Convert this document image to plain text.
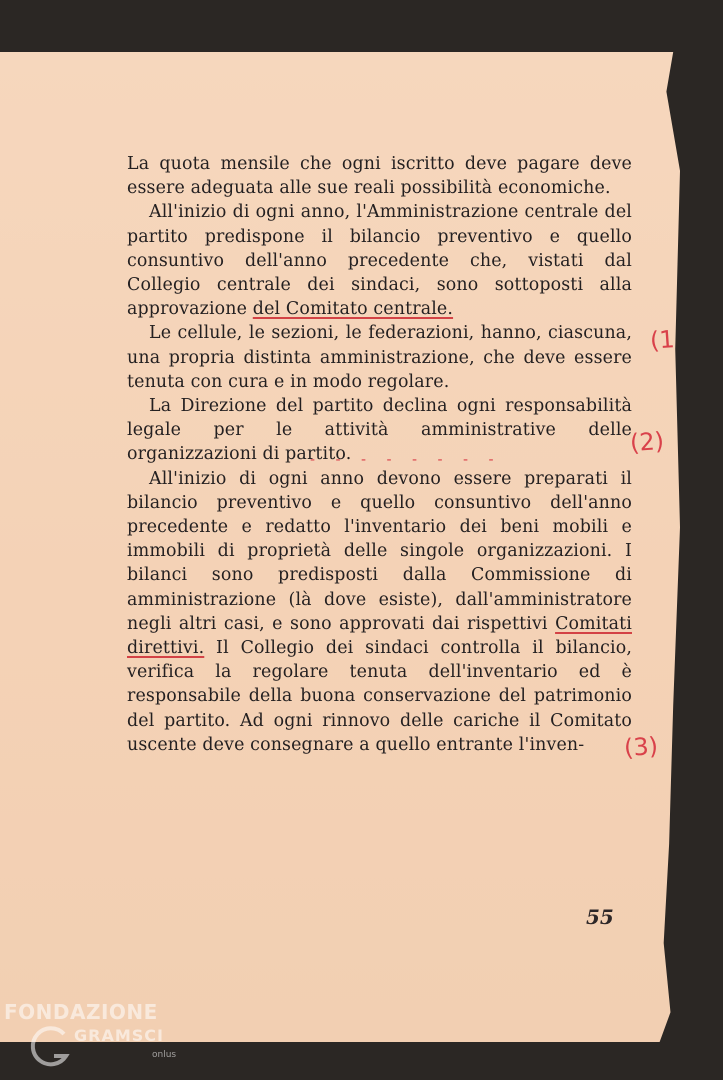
La quota mensile che ogni iscritto deve pagare deve essere adeguata alle sue reali possibilità economiche.

All'inizio di ogni anno, l'Amministrazione centrale del partito predispone il bilancio preventivo e quello consuntivo dell'anno precedente che, vistati dal Collegio centrale dei sindaci, sono sottoposti alla approvazione del Comitato centrale.

Le cellule, le sezioni, le federazioni, hanno, ciascuna, una propria distinta amministrazione, che deve essere tenuta con cura e in modo regolare.

La Direzione del partito declina ogni responsabilità legale per le attività amministrative delle organizzazioni di partito.

All'inizio di ogni anno devono essere preparati il bilancio preventivo e quello consuntivo dell'anno precedente e redatto l'inventario dei beni mobili e immobili di proprietà delle singole organizzazioni. I bilanci sono predisposti dalla Commissione di amministrazione (là dove esiste), dall'amministratore negli altri casi, e sono approvati dai rispettivi Comitati direttivi. Il Collegio dei sindaci controlla il bilancio, verifica la regolare tenuta dell'inventario ed è responsabile della buona conservazione del patrimonio del partito. Ad ogni rinnovo delle cariche il Comitato uscente deve consegnare a quello entrante l'inven-

(1
(2)
(3)
- - - - - - - -
55
FONDAZIONE
GRAMSCI
onlus
